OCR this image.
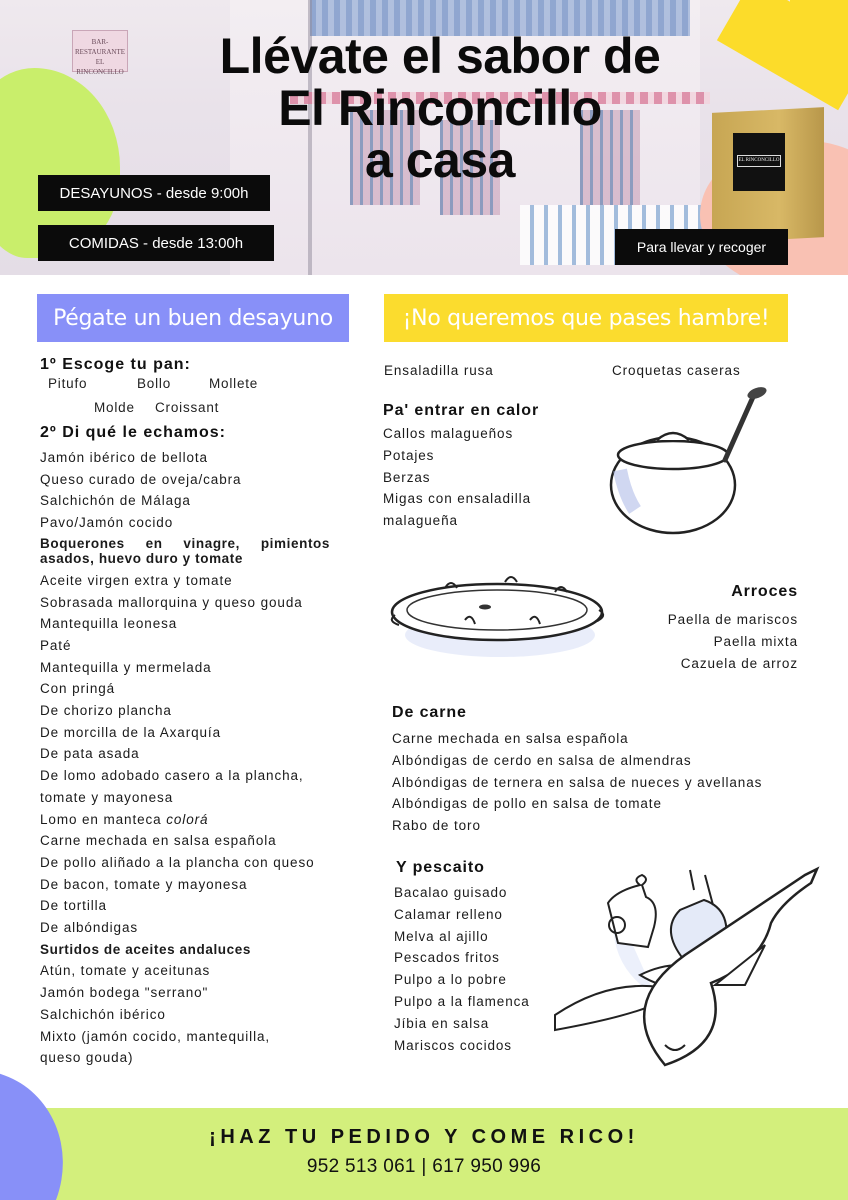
BAR-RESTAURANTE EL RINCONCILLO
EL RINCONCILLO
Llévate el sabor de
El Rinconcillo
a casa
DESAYUNOS - desde 9:00h
COMIDAS - desde 13:00h	Para llevar y recoger
Pégate un buen desayuno	¡No queremos que pases hambre!
1º Escoge tu pan:
Pitufo	Bollo	Mollete
Molde	Croissant
2º Di qué le echamos:
Jamón ibérico de bellota
Queso curado de oveja/cabra
Salchichón de Málaga
Pavo/Jamón cocido
Boquerones en vinagre, pimientos asados, huevo duro y tomate
Aceite virgen extra y tomate
Sobrasada mallorquina y queso gouda
Mantequilla leonesa
Paté
Mantequilla y mermelada
Con pringá
De chorizo plancha
De morcilla de la Axarquía
De pata asada
De lomo adobado casero a la plancha,
tomate y mayonesa
Lomo en manteca colorá
Carne mechada en salsa española
De pollo aliñado a la plancha con queso
De bacon, tomate y mayonesa
De tortilla
De albóndigas
Surtidos de aceites andaluces
Atún, tomate y aceitunas
Jamón bodega "serrano"
Salchichón ibérico
Mixto (jamón cocido, mantequilla,
queso gouda)
Ensaladilla rusa	Croquetas caseras
Pa' entrar en calor
Callos malagueños
Potajes
Berzas
Migas con ensaladilla
malagueña
Arroces
Paella de mariscos
Paella mixta
Cazuela de arroz
De carne
Carne mechada en salsa española
Albóndigas de cerdo en salsa de almendras
Albóndigas de ternera en salsa de nueces y avellanas
Albóndigas de pollo en salsa de tomate
Rabo de toro
Y pescaito
Bacalao guisado
Calamar relleno
Melva al ajillo
Pescados fritos
Pulpo a lo pobre
Pulpo a la flamenca
Jíbia en salsa
Mariscos cocidos
¡HAZ TU PEDIDO Y COME RICO!
952 513 061 | 617 950 996
